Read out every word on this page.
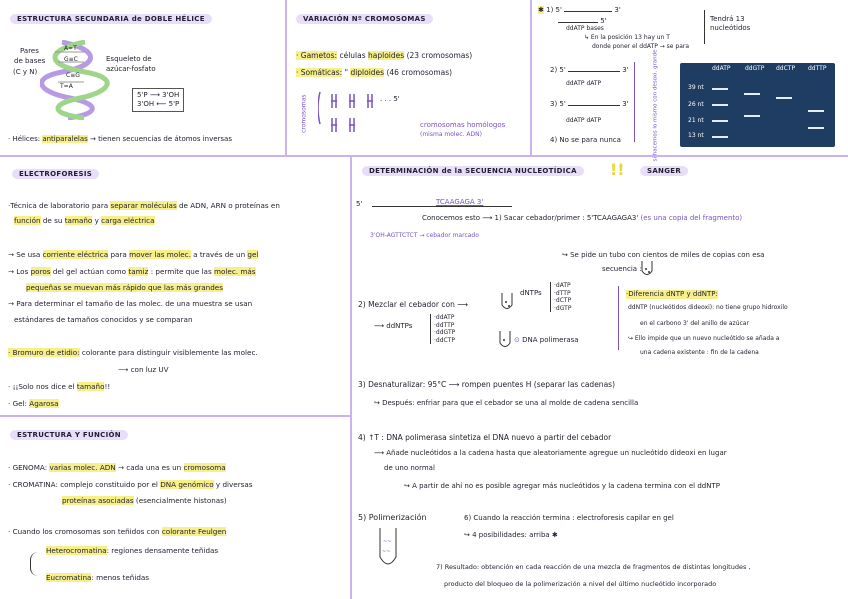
ESTRUCTURA SECUNDARIA de DOBLE HÉLICE
Pares
de bases
(C y N)
Esqueleto de
azúcar-fosfato
A=T
G≡C
C≡G
T=A
5'P ⟶ 3'OH
3'OH ⟵ 5'P
· Hélices: antiparalelas → tienen secuencias de átomos inversas
VARIACIÓN Nº CROMOSOMAS
· Gametos: células haploides (23 cromosomas)
· Somáticas: " diploides (46 cromosomas)
cromosomas	. . . 5'
cromosomas homólogos
(misma molec. ADN)
✱ 1) 5'	3'
5'
ddATP bases
↳ En la posición 13 hay un T
donde poner el ddATP → se para
Tendrá 13
nucleótidos
2) 5'	3'
ddATP dATP
3) 5'	3'
ddATP dATP
4) No se para nunca	si hacemos lo mismo con desoxi. grande	ddATP ddGTP ddCTP ddTTP
39 nt
26 nt
21 nt
13 nt
ELECTROFORESIS
·Técnica de laboratorio para separar moléculas de ADN, ARN o proteínas en
función de su tamaño y carga eléctrica
→ Se usa corriente eléctrica para mover las molec. a través de un gel
→ Los poros del gel actúan como tamiz : permite que las molec. más
pequeñas se muevan más rápido que las más grandes
→ Para determinar el tamaño de las molec. de una muestra se usan
estándares de tamaños conocidos y se comparan
· Bromuro de etidio: colorante para distinguir visiblemente las molec.
⟶ con luz UV
· ¡¡Solo nos dice el tamaño!!
· Gel: Agarosa
DETERMINACIÓN de la SECUENCIA NUCLEOTÍDICA	!!	SANGER
5'	TCAAGAGA 3'
Conocemos esto ⟶ 1) Sacar cebador/primer : 5'TCAAGAGA3' (es una copia del fragmento)
3'OH-AGTTCTCT → cebador marcado
↪ Se pide un tubo con cientos de miles de copias con esa
secuencia :
2) Mezclar el cebador con ⟶
dNTPs
·dATP
·dTTP
·dCTP
·dGTP
⟶ ddNTPs
·ddATP
·ddTTP
·ddGTP
·ddCTP	⊙ DNA polimerasa
·Diferencia dNTP y ddNTP:
ddNTP (nucleótidos dideoxi): no tiene grupo hidroxilo
en el carbono 3' del anillo de azúcar
↪ Ello impide que un nuevo nucleótido se añada a
una cadena existente : fin de la cadena
3) Desnaturalizar: 95°C ⟶ rompen puentes H (separar las cadenas)
↪ Después: enfriar para que el cebador se una al molde de cadena sencilla
4) ↑T : DNA polimerasa sintetiza el DNA nuevo a partir del cebador
⟶ Añade nucleótidos a la cadena hasta que aleatoriamente agregue un nucleótido dideoxi en lugar
de uno normal
↪ A partir de ahí no es posible agregar más nucleótidos y la cadena termina con el ddNTP
5) Polimerización
~~
~~
6) Cuando la reacción termina : electroforesis capilar en gel
↪ 4 posibilidades: arriba ✱
7) Resultado: obtención en cada reacción de una mezcla de fragmentos de distintas longitudes ,
producto del bloqueo de la polimerización a nivel del último nucleótido incorporado
ESTRUCTURA Y FUNCIÓN
· GENOMA: varias molec. ADN → cada una es un cromosoma
· CROMATINA: complejo constituido por el DNA genómico y diversas
proteínas asociadas (esencialmente histonas)
· Cuando los cromosomas son teñidos con colorante Feulgen
Heterocromatina: regiones densamente teñidas
Eucromatina: menos teñidas
